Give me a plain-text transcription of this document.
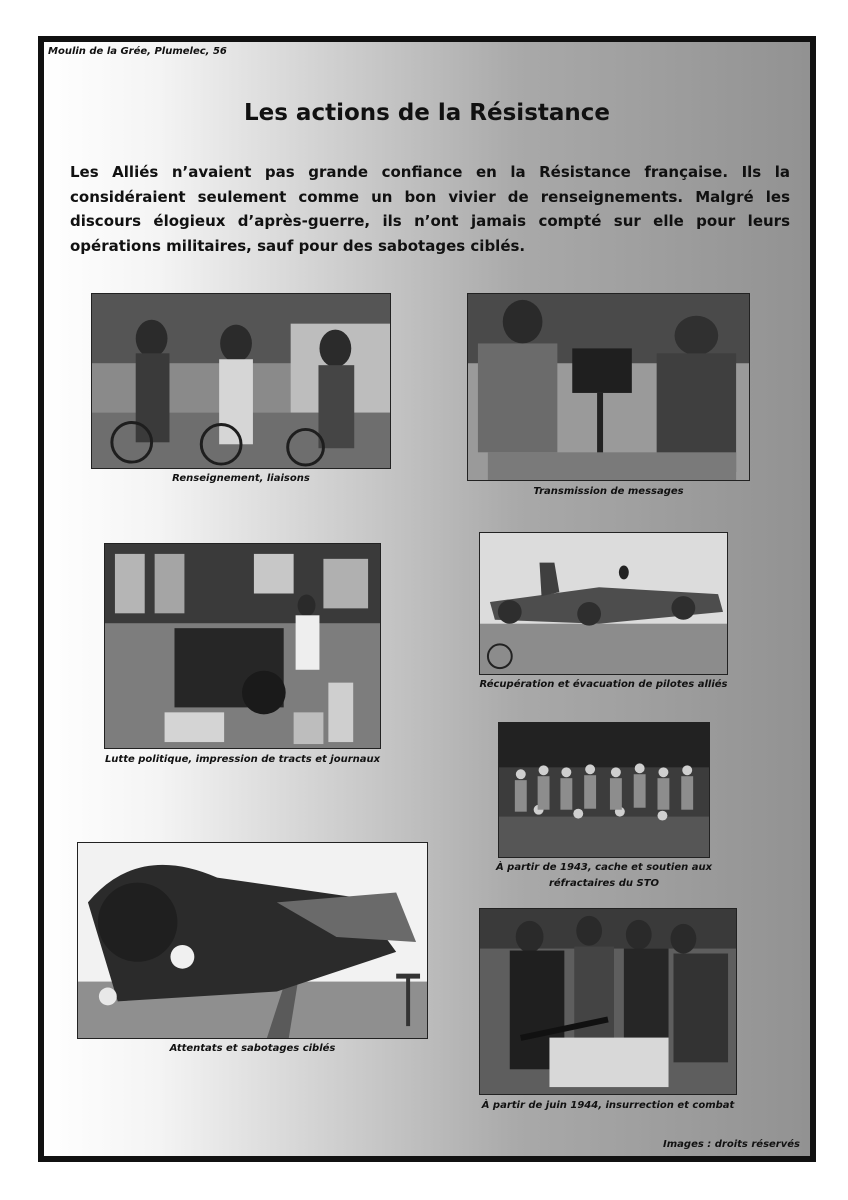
Moulin de la Grée, Plumelec, 56
Les actions de la Résistance

Les Alliés n’avaient pas grande confiance en la Résistance française. Ils la considéraient seulement comme un bon vivier de renseignements. Malgré les discours élogieux d’après-guerre, ils n’ont jamais compté sur elle pour leurs opérations militaires, sauf pour des sabotages ciblés.

Renseignement, liaisons
Transmission de messages
Lutte politique, impression de tracts et journaux
Récupération et évacuation de pilotes alliés
À partir de 1943, cache et soutien aux réfractaires du STO
Attentats et sabotages ciblés
À partir de juin 1944, insurrection et combat
Images : droits réservés
